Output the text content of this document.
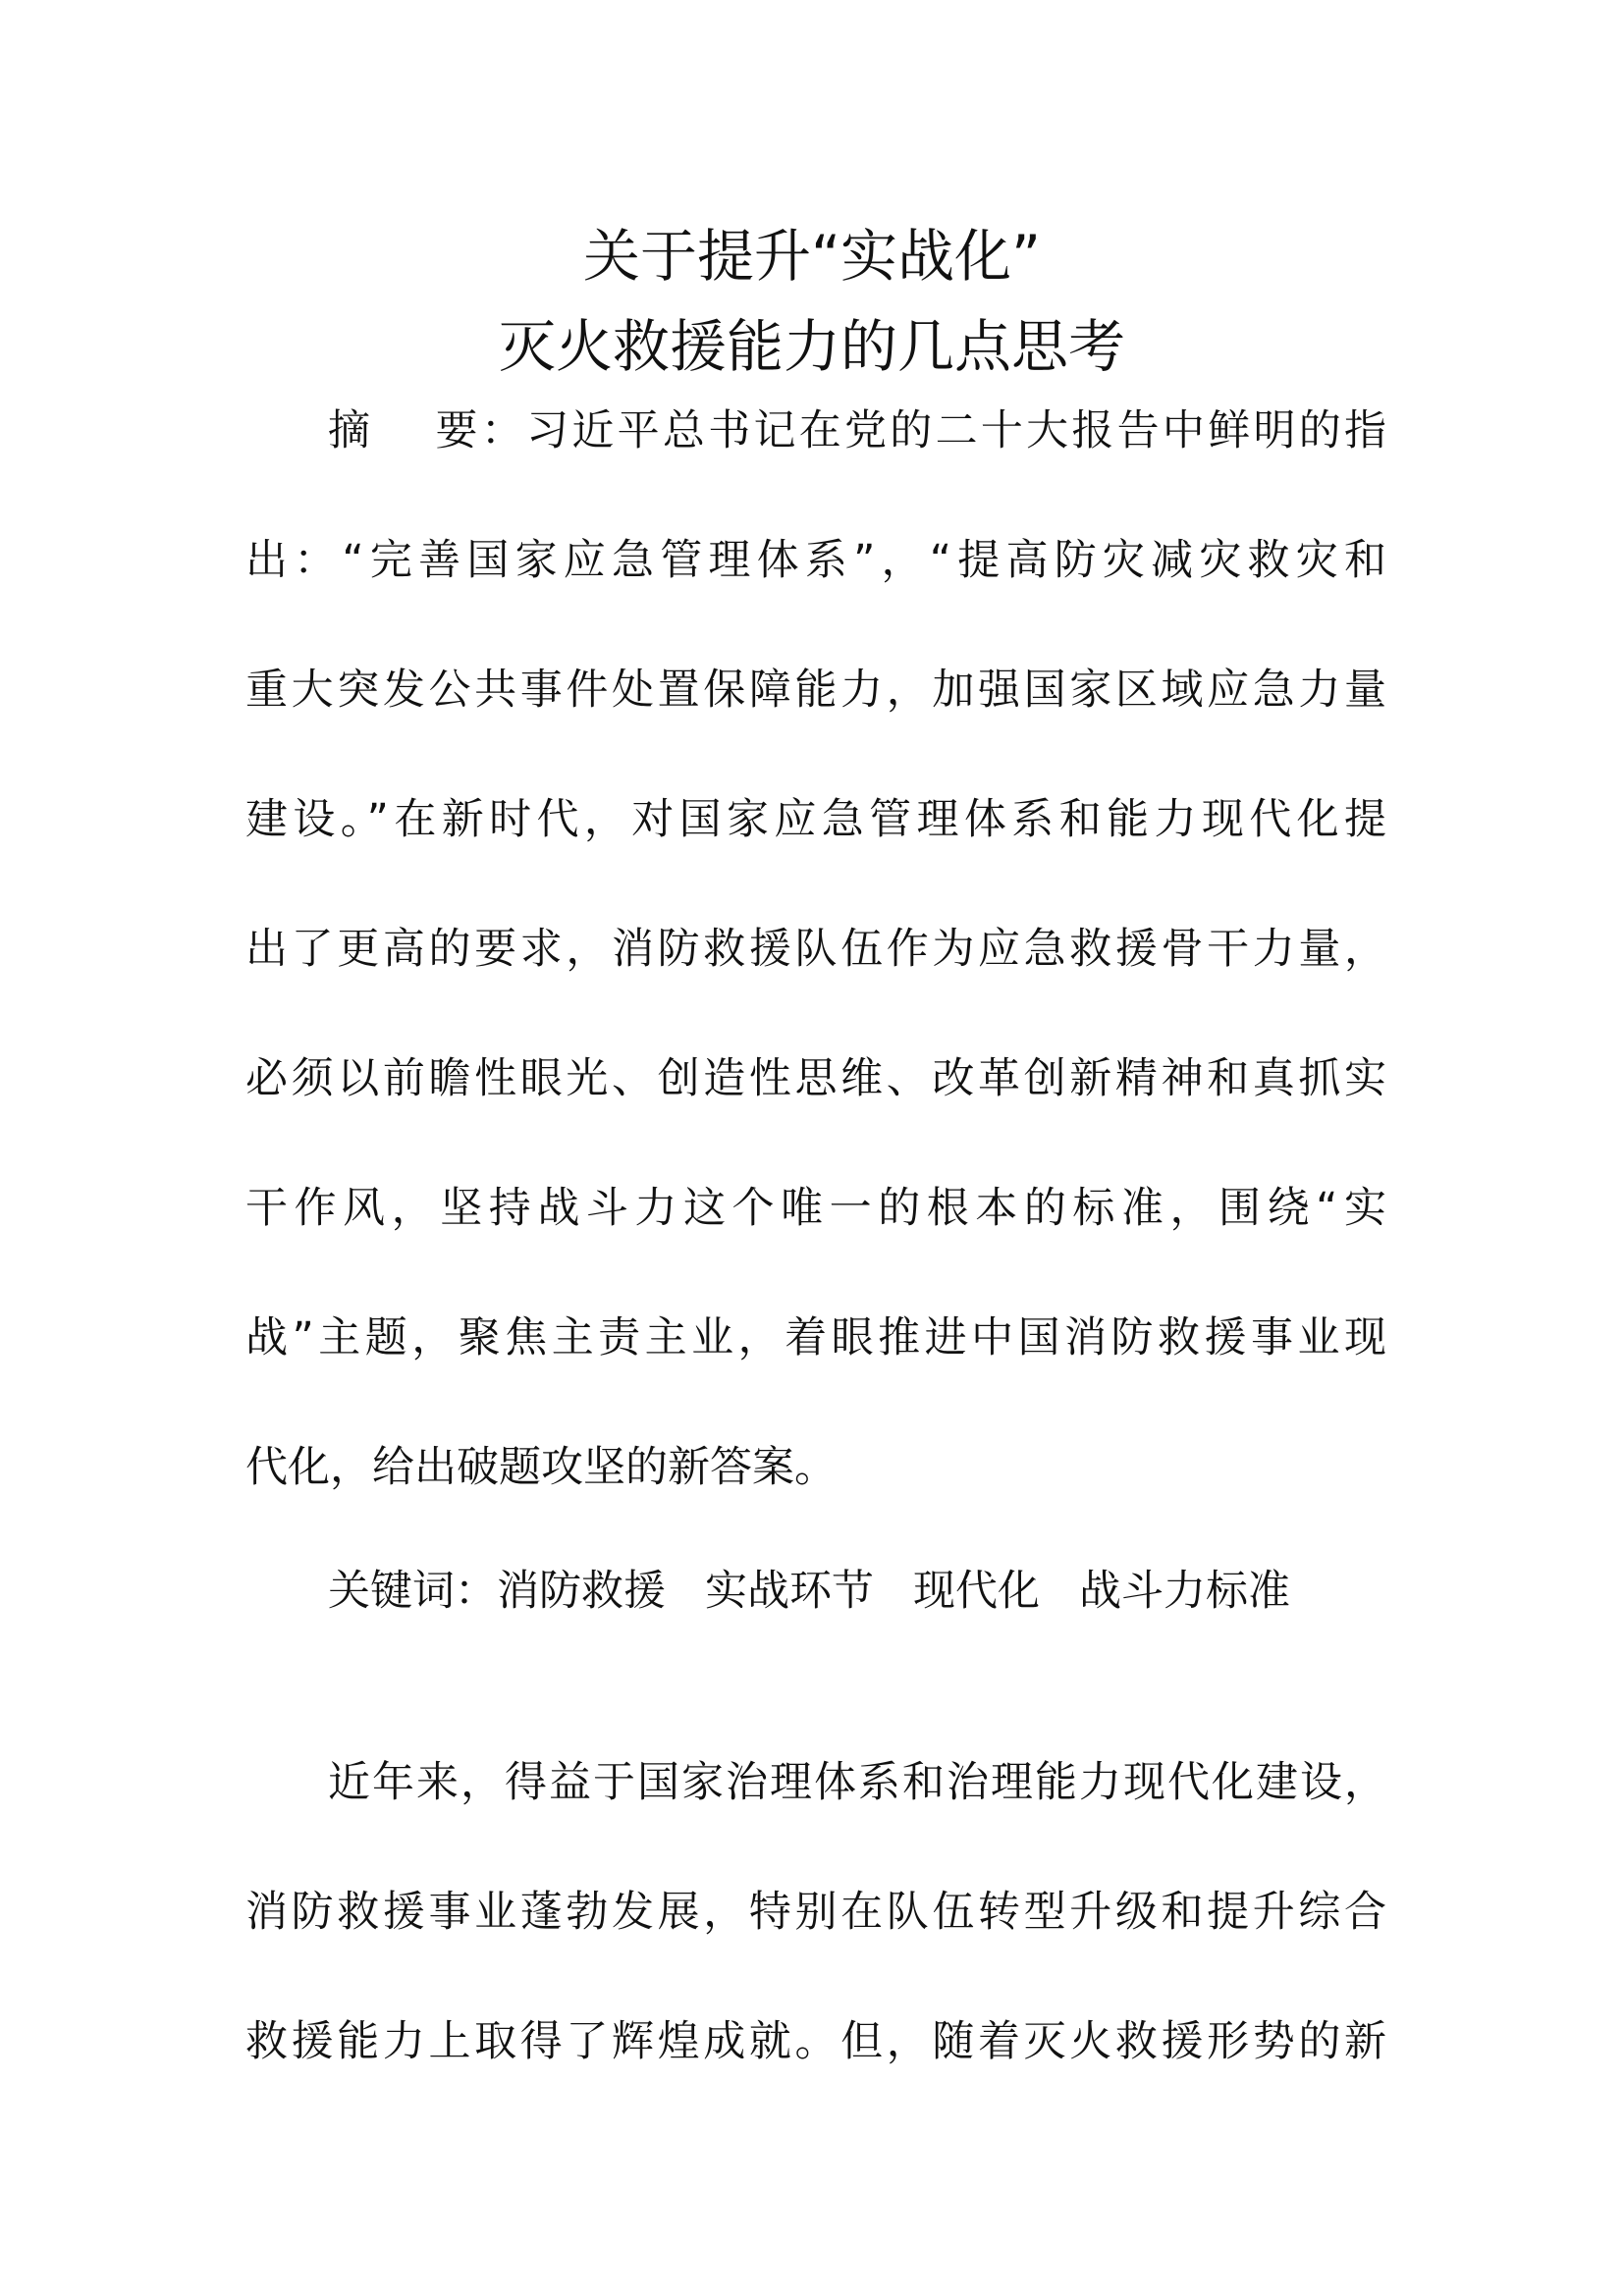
关于提升“实战化”
灭火救援能力的几点思考
摘 要：习近平总书记在党的二十大报告中鲜明的指
出：“完善国家应急管理体系”，“提高防灾减灾救灾和
重大突发公共事件处置保障能力，加强国家区域应急力量
建设。”在新时代，对国家应急管理体系和能力现代化提
出了更高的要求，消防救援队伍作为应急救援骨干力量，
必须以前瞻性眼光、创造性思维、改革创新精神和真抓实
干作风，坚持战斗力这个唯一的根本的标准，围绕“实
战”主题，聚焦主责主业，着眼推进中国消防救援事业现
代化，给出破题攻坚的新答案。
关键词：消防救援 实战环节 现代化 战斗力标准
近年来，得益于国家治理体系和治理能力现代化建设，
消防救援事业蓬勃发展，特别在队伍转型升级和提升综合
救援能力上取得了辉煌成就。但，随着灭火救援形势的新
